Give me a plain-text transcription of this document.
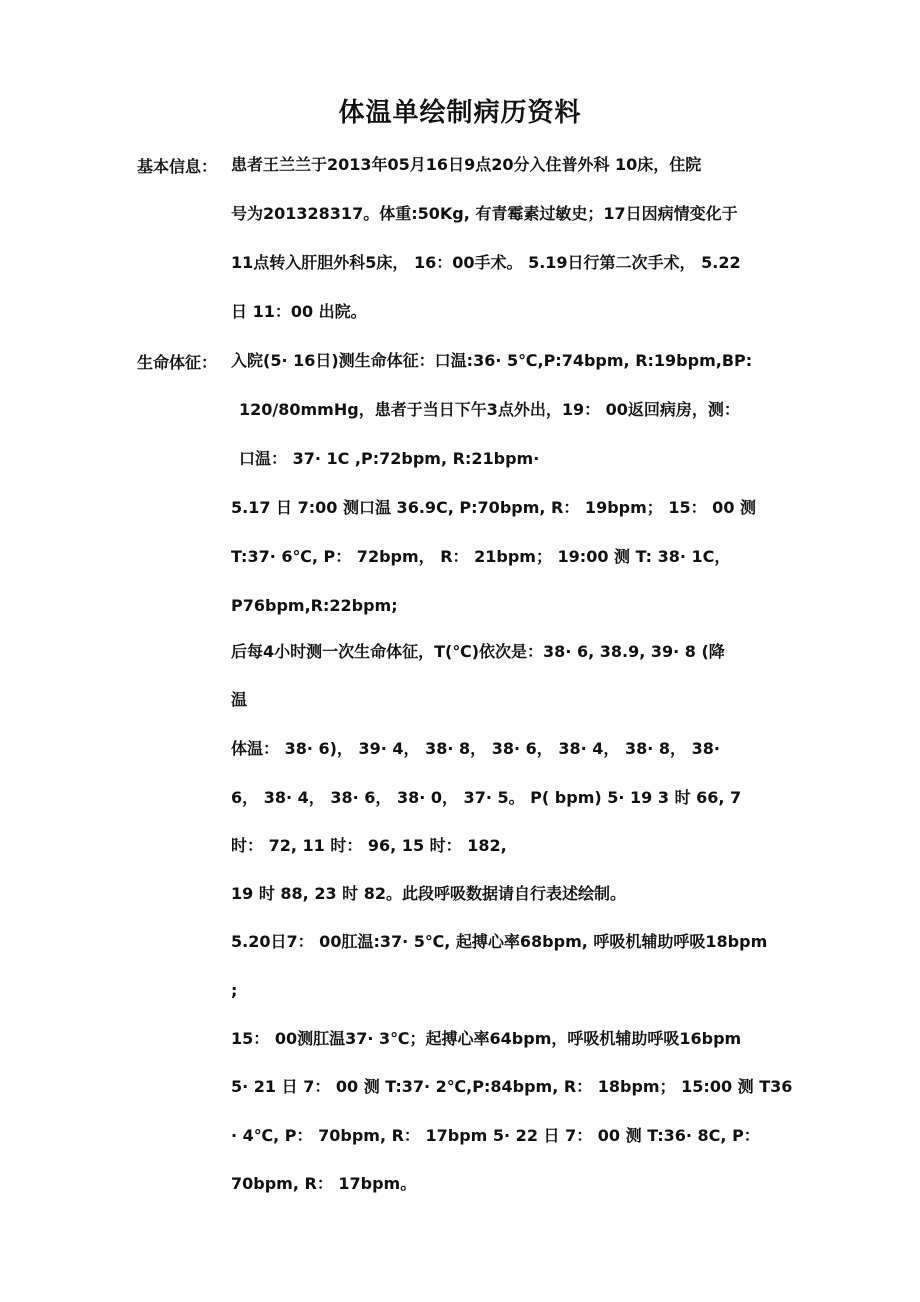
体温单绘制病历资料
基本信息： 患者王兰兰于2013年05月16日9点20分入住普外科 10床，住院
号为201328317。体重:50Kg, 有青霉素过敏史；17日因病情变化于
11点转入肝胆外科5床， 16：00手术。 5.19日行第二次手术， 5.22
日 11：00 出院。
生命体征： 入院(5· 16日)测生命体征：口温:36· 5℃,P:74bpm, R:19bpm,BP:
120/80mmHg，患者于当日下午3点外出，19： 00返回病房，测：
口温： 37· 1C ,P:72bpm, R:21bpm·
5.17 日 7:00 测口温 36.9C, P:70bpm, R： 19bpm； 15： 00 测
T:37· 6℃, P： 72bpm， R： 21bpm； 19:00 测 T: 38· 1C，
P76bpm,R:22bpm;
后每4小时测一次生命体征，T(℃)依次是：38· 6, 38.9, 39· 8 (降
温
体温： 38· 6)， 39· 4， 38· 8， 38· 6， 38· 4， 38· 8， 38·
6， 38· 4， 38· 6， 38· 0， 37· 5。 P( bpm) 5· 19 3 时 66, 7
时： 72, 11 时： 96, 15 时： 182,
19 时 88, 23 时 82。此段呼吸数据请自行表述绘制。
5.20日7： 00肛温:37· 5℃, 起搏心率68bpm, 呼吸机辅助呼吸18bpm
;
15： 00测肛温37· 3℃；起搏心率64bpm，呼吸机辅助呼吸16bpm
5· 21 日 7： 00 测 T:37· 2℃,P:84bpm, R： 18bpm； 15:00 测 T36
· 4℃, P： 70bpm, R： 17bpm 5· 22 日 7： 00 测 T:36· 8C, P：
70bpm, R： 17bpm。
